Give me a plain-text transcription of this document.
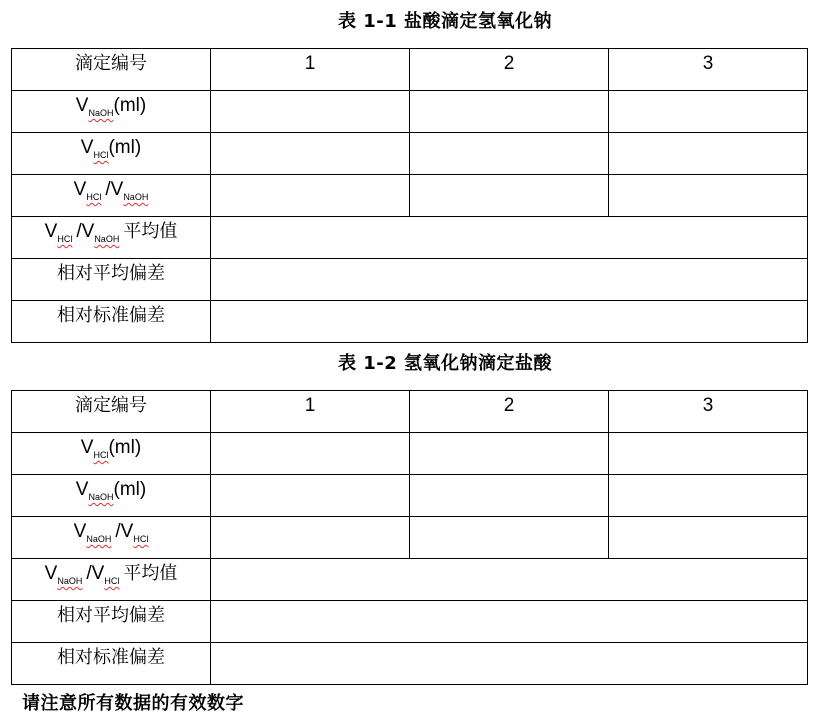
表 1-1 盐酸滴定氢氧化钠
滴定编号	1	2	3
$V_{NaOH}(ml)$			
$V_{HCl}(ml)$			
$V_{HCl}$ $/V_{NaOH}$			
$V_{HCl}$ $/V_{NaOH}$ 平均值			
相对平均偏差			
相对标准偏差			
表 1-2 氢氧化钠滴定盐酸
滴定编号	1	2	3
$V_{HCl}(ml)$			
$V_{NaOH}(ml)$			
$V_{NaOH}$ $/V_{HCl}$			
$V_{NaOH}$ $/V_{HCl}$ 平均值			
相对平均偏差			
相对标准偏差			
请注意所有数据的有效数字
